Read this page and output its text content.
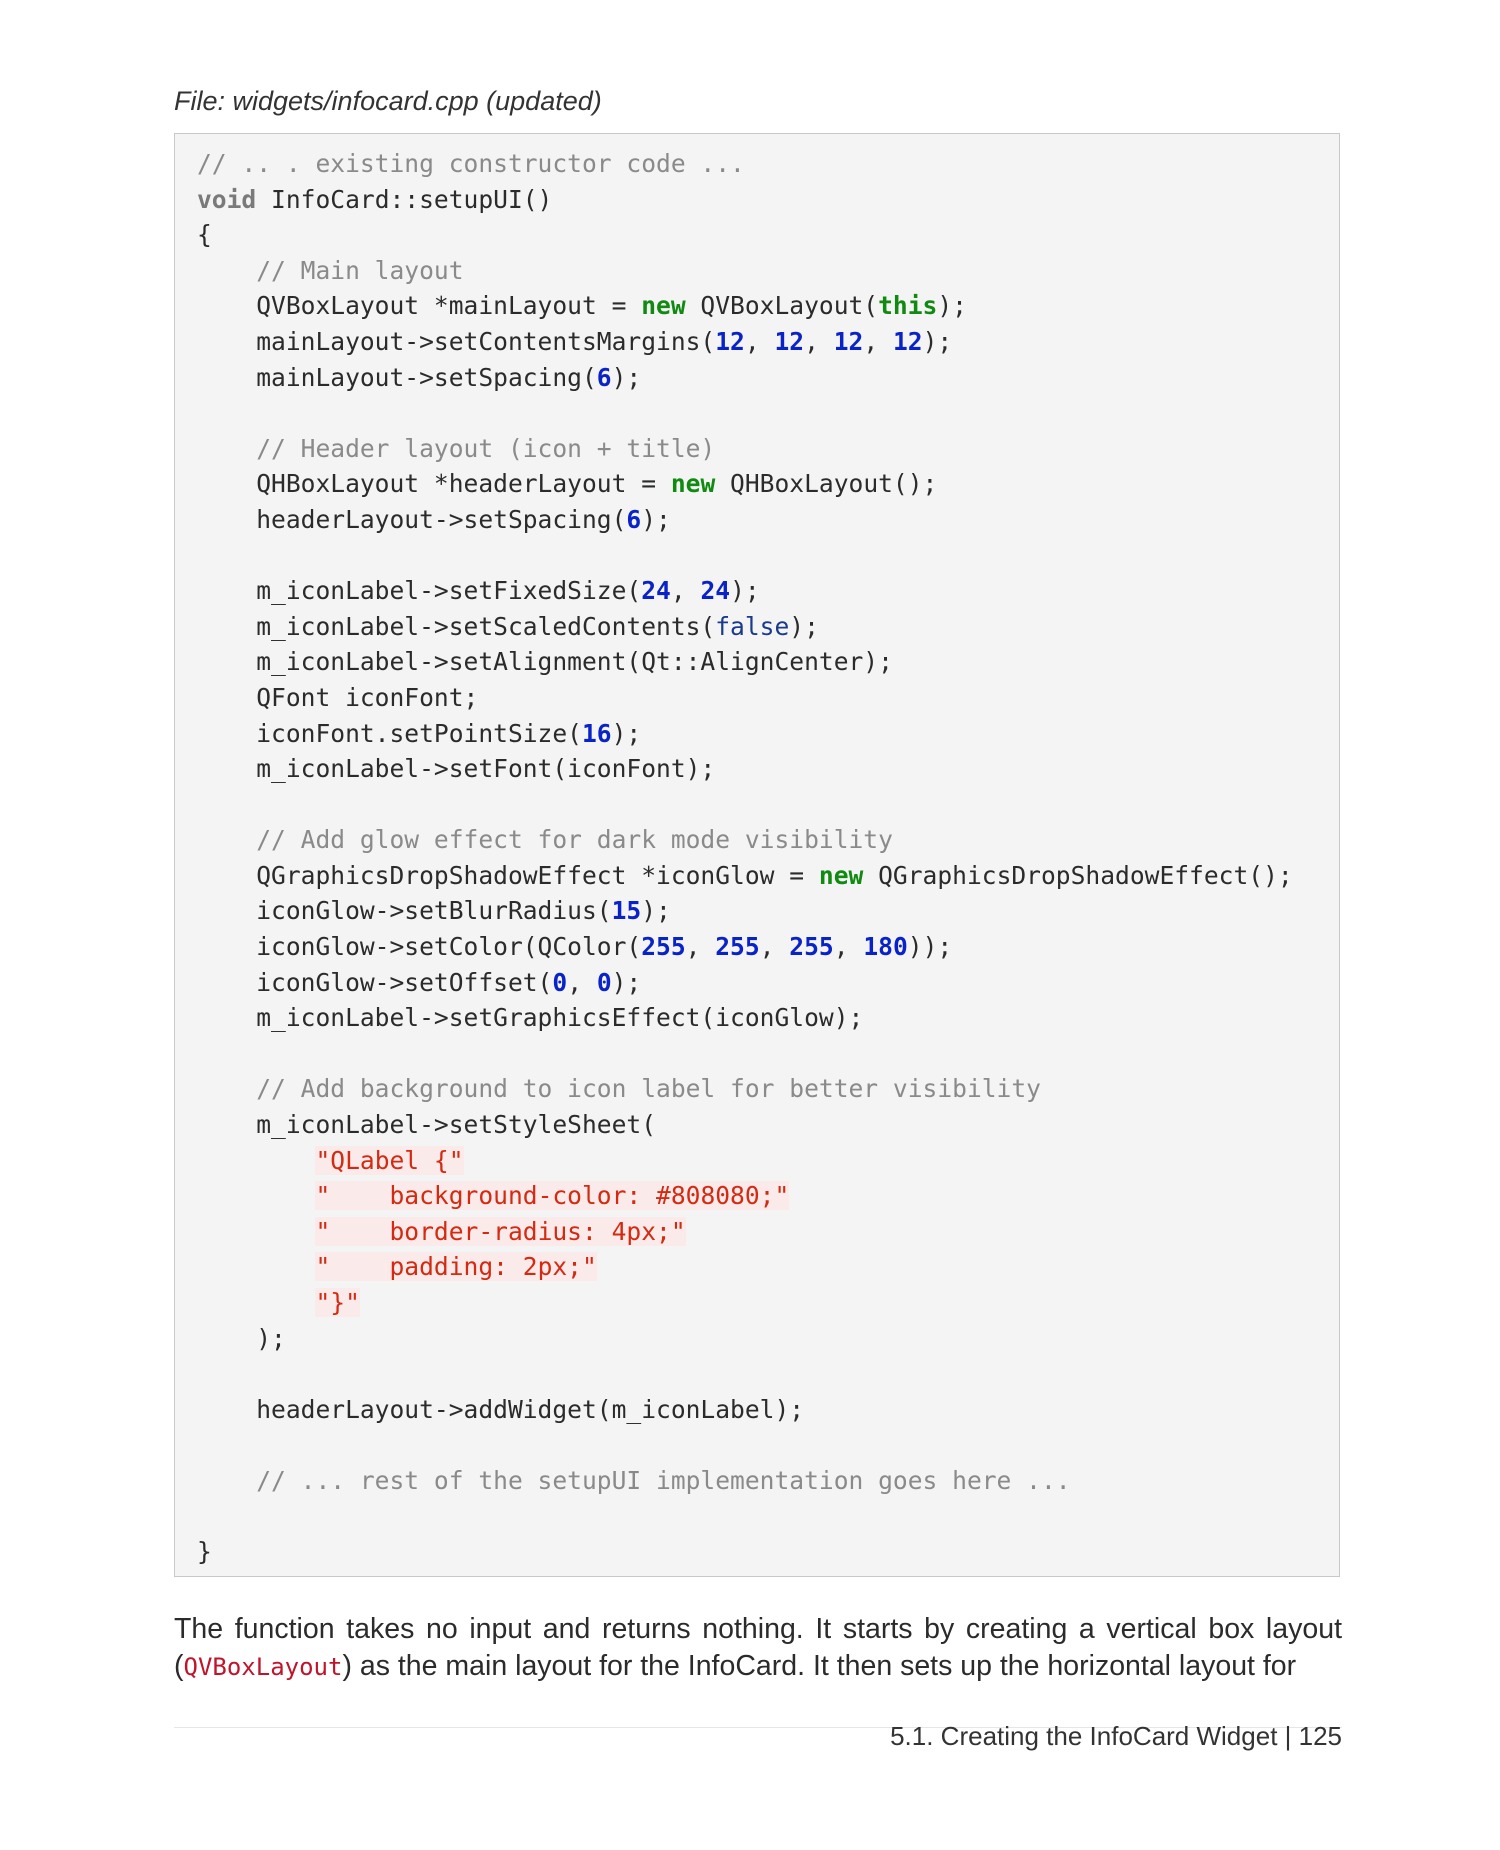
File: widgets/infocard.cpp (updated)
// .. . existing constructor code ...
void InfoCard::setupUI()
{
// Main layout
QVBoxLayout *mainLayout = new QVBoxLayout(this);
mainLayout->setContentsMargins(12, 12, 12, 12);
mainLayout->setSpacing(6);
// Header layout (icon + title)
QHBoxLayout *headerLayout = new QHBoxLayout();
headerLayout->setSpacing(6);
m_iconLabel->setFixedSize(24, 24);
m_iconLabel->setScaledContents(false);
m_iconLabel->setAlignment(Qt::AlignCenter);
QFont iconFont;
iconFont.setPointSize(16);
m_iconLabel->setFont(iconFont);
// Add glow effect for dark mode visibility
QGraphicsDropShadowEffect *iconGlow = new QGraphicsDropShadowEffect();
iconGlow->setBlurRadius(15);
iconGlow->setColor(QColor(255, 255, 255, 180));
iconGlow->setOffset(0, 0);
m_iconLabel->setGraphicsEffect(iconGlow);
// Add background to icon label for better visibility
m_iconLabel->setStyleSheet(
"QLabel {"
"    background-color: #808080;"
"    border-radius: 4px;"
"    padding: 2px;"
"}"
);
headerLayout->addWidget(m_iconLabel);
// ... rest of the setupUI implementation goes here ...
}
The function takes no input and returns nothing. It starts by creating a vertical box layout (QVBoxLayout) as the main layout for the InfoCard. It then sets up the horizontal layout for
5.1. Creating the InfoCard Widget | 125
